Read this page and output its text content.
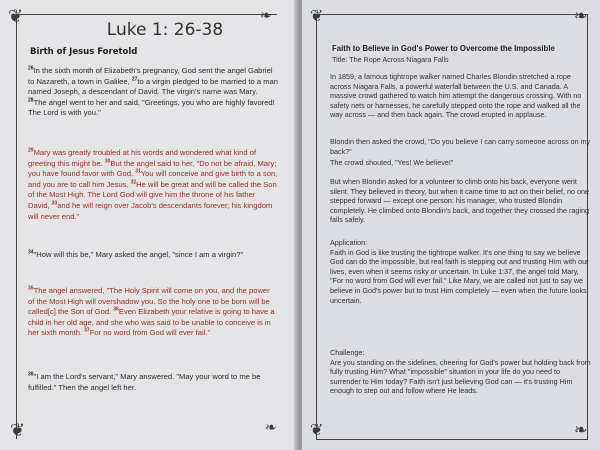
❦	❧
❦	❧
Luke 1: 26-38
Birth of Jesus Foretold
$^{26}$In the sixth month of Elizabeth's pregnancy, God sent the angel Gabriel to Nazareth, a town in Galilee, $^{27}$to a virgin pledged to be married to a man named Joseph, a descendant of David. The virgin's name was Mary. $^{28}$The angel went to her and said, "Greetings, you who are highly favored! The Lord is with you."
$^{29}$Mary was greatly troubled at his words and wondered what kind of greeting this might be. $^{30}$But the angel said to her, "Do not be afraid, Mary; you have found favor with God. $^{31}$You will conceive and give birth to a son, and you are to call him Jesus. $^{32}$He will be great and will be called the Son of the Most High. The Lord God will give him the throne of his father David, $^{33}$and he will reign over Jacob's descendants forever; his kingdom will never end."
$^{34}$"How will this be," Mary asked the angel, "since I am a virgin?"
$^{35}$The angel answered, "The Holy Spirit will come on you, and the power of the Most High will overshadow you. So the holy one to be born will be called[c] the Son of God. $^{36}$Even Elizabeth your relative is going to have a child in her old age, and she who was said to be unable to conceive is in her sixth month. $^{37}$For no word from God will ever fail."
$^{38}$"I am the Lord's servant," Mary answered. "May your word to me be fulfilled." Then the angel left her.
❦	❧
❦	❧
Faith to Believe in God's Power to Overcome the Impossible
Title: The Rope Across Niagara Falls
In 1859, a famous tightrope walker named Charles Blondin stretched a rope across Niagara Falls, a powerful waterfall between the U.S. and Canada. A massive crowd gathered to watch him attempt the dangerous crossing. With no safety nets or harnesses, he carefully stepped onto the rope and walked all the way across — and then back again. The crowd erupted in applause.
Blondin then asked the crowd, "Do you believe I can carry someone across on my back?"
The crowd shouted, "Yes! We believe!"
But when Blondin asked for a volunteer to climb onto his back, everyone went silent. They believed in theory, but when it came time to act on their belief, no one stepped forward — except one person: his manager, who trusted Blondin completely. He climbed onto Blondin's back, and together they crossed the raging falls safely.
Application:
Faith in God is like trusting the tightrope walker. It's one thing to say we believe God can do the impossible, but real faith is stepping out and trusting Him with our lives, even when it seems risky or uncertain. In Luke 1:37, the angel told Mary, "For no word from God will ever fail." Like Mary, we are called not just to say we believe in God's power but to trust Him completely — even when the future looks uncertain.
Challenge:
Are you standing on the sidelines, cheering for God's power but holding back from fully trusting Him? What "impossible" situation in your life do you need to surrender to Him today? Faith isn't just believing God can — it's trusting Him enough to step out and follow where He leads.
